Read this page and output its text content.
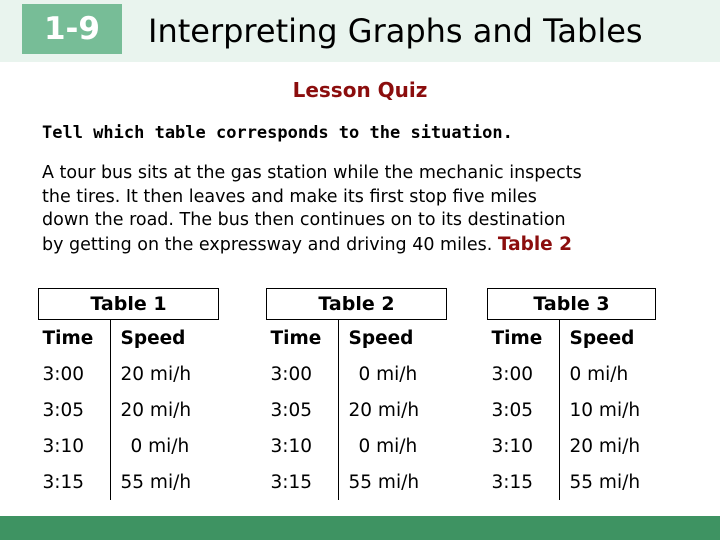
1-9	Interpreting Graphs and Tables
Lesson Quiz
Tell which table corresponds to the situation.
A tour bus sits at the gas station while the mechanic inspects
the tires. It then leaves and make its first stop five miles
down the road. The bus then continues on to its destination
by getting on the expressway and driving 40 miles. Table 2
Table 1	
Time	Speed
3:00	20 mi/h
3:05	20 mi/h
3:10	0 mi/h
3:15	55 mi/h
Table 2	
Time	Speed
3:00	0 mi/h
3:05	20 mi/h
3:10	0 mi/h
3:15	55 mi/h
Table 3	
Time	Speed
3:00	0 mi/h
3:05	10 mi/h
3:10	20 mi/h
3:15	55 mi/h
